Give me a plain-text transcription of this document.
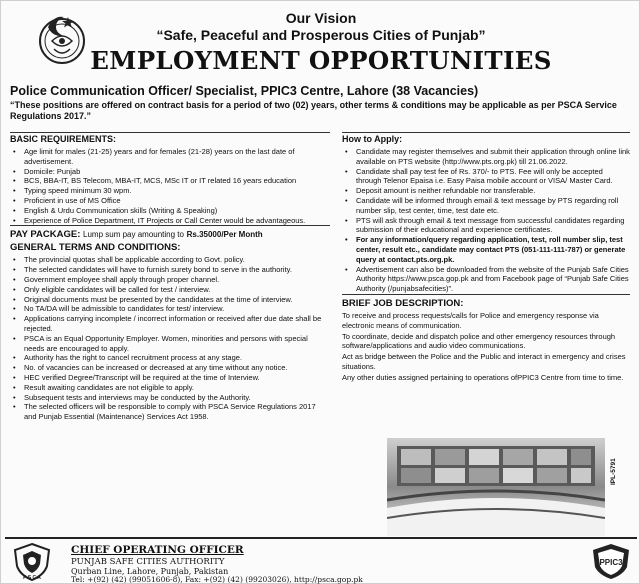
Our Vision
“Safe, Peaceful and Prosperous Cities of Punjab”
EMPLOYMENT OPPORTUNITIES
Police Communication Officer/ Specialist, PPIC3 Centre, Lahore (38 Vacancies)
“These positions are offered on contract basis for a period of two (02) years, other terms & conditions may be applicable as per PSCA Service Regulations 2017.”
BASIC REQUIREMENTS:
• Age limit for males (21-25) years and for females (21-28) years on the last date of advertisement.
• Domicile: Punjab
• BCS, BBA-IT, BS Telecom, MBA-IT, MCS, MSc IT or IT related 16 years education
• Typing speed minimum 30 wpm.
• Proficient in use of MS Office
• English & Urdu Communication skills (Writing & Speaking)
• Experience of Police Department, IT Projects or Call Center would be advantageous.
PAY PACKAGE: Lump sum pay amounting to Rs.35000/Per Month
GENERAL TERMS AND CONDITIONS:
• The provincial quotas shall be applicable according to Govt. policy.
• The selected candidates will have to furnish surety bond to serve in the authority.
• Government employee shall apply through proper channel.
• Only eligible candidates will be called for test / interview.
• Original documents must be presented by the candidates at the time of interview.
• No TA/DA will be admissible to candidates for test/ interview.
• Applications carrying incomplete / incorrect information or received after due date shall be rejected.
• PSCA is an Equal Opportunity Employer. Women, minorities and persons with special needs are encouraged to apply.
• Authority has the right to cancel recruitment process at any stage.
• No. of vacancies can be increased or decreased at any time without any notice.
• HEC verified Degree/Transcript will be required at the time of Interview.
• Result awaiting candidates are not eligible to apply.
• Subsequent tests and interviews may be conducted by the Authority.
• The selected officers will be responsible to comply with PSCA Service Regulations 2017 and Punjab Essential (Maintenance) Services Act 1958.
How to Apply:
• Candidate may register themselves and submit their application through online link available on PTS website (http://www.pts.org.pk) till 21.06.2022.
• Candidate shall pay test fee of Rs. 370/- to PTS. Fee will only be accepted through Telenor Epaisa i.e. Easy Paisa mobile account or VISA/ Master Card.
• Deposit amount is neither refundable nor transferable.
• Candidate will be informed through email & text message by PTS regarding roll number slip, test center, time, test date etc.
• PTS will ask through email & text message from successful candidates regarding submission of their educational and experience certificates.
• For any information/query regarding application, test, roll number slip, test center, result etc., candidate may contact PTS (051-111-111-787) or generate query at contact.pts.org.pk.
• Advertisement can also be downloaded from the website of the Punjab Safe Cities Authority https://www.psca.gop.pk and from Facebook page of “Punjab Safe Cities Authority (/punjabsafecities)”.
BRIEF JOB DESCRIPTION:

To receive and process requests/calls for Police and emergency response via electronic means of communication.

To coordinate, decide and dispatch police and other emergency resources through software/applications and audio video communications.

Act as bridge between the Police and the Public and interact in emergency and crises situations.

Any other duties assigned pertaining to operations ofPPIC3 Centre from time to time.

IPL-5791
P S C A
CHIEF OPERATING OFFICER
PUNJAB SAFE CITIES AUTHORITY
Qurban Line, Lahore, Punjab, Pakistan
Tel: +(92) (42) (99051606-8), Fax: +(92) (42) (99203026), http://psca.gop.pk
PPIC3
